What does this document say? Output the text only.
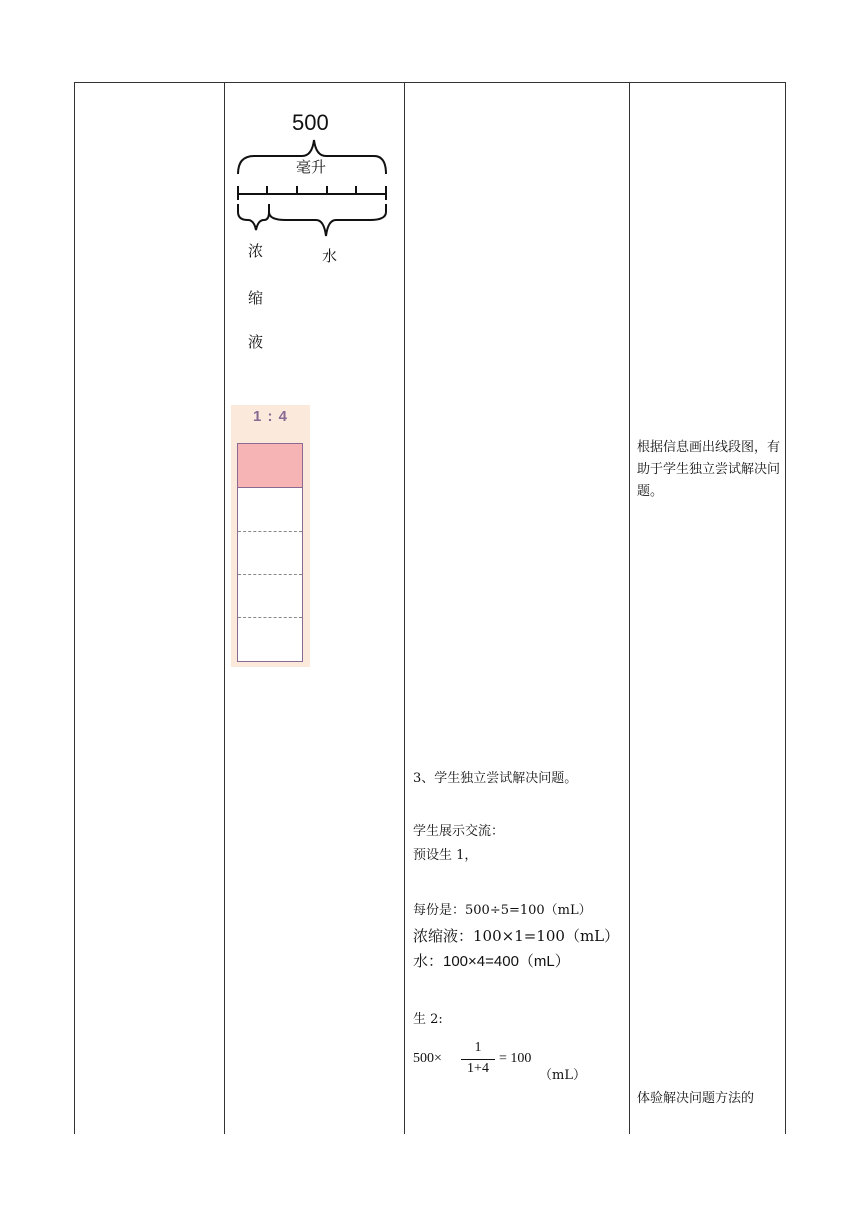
500
毫升
浓
缩
液
水
1 : 4
3、学生独立尝试解决问题。
学生展示交流：
预设生 1，
每份是：500÷5=100（mL）
浓缩液：100×1=100（mL）
水：100×4=400（mL）
生 2:
500×
1
1+4
= 100
（mL）
根据信息画出线段图，有助于学生独立尝试解决问题。
体验解决问题方法的
